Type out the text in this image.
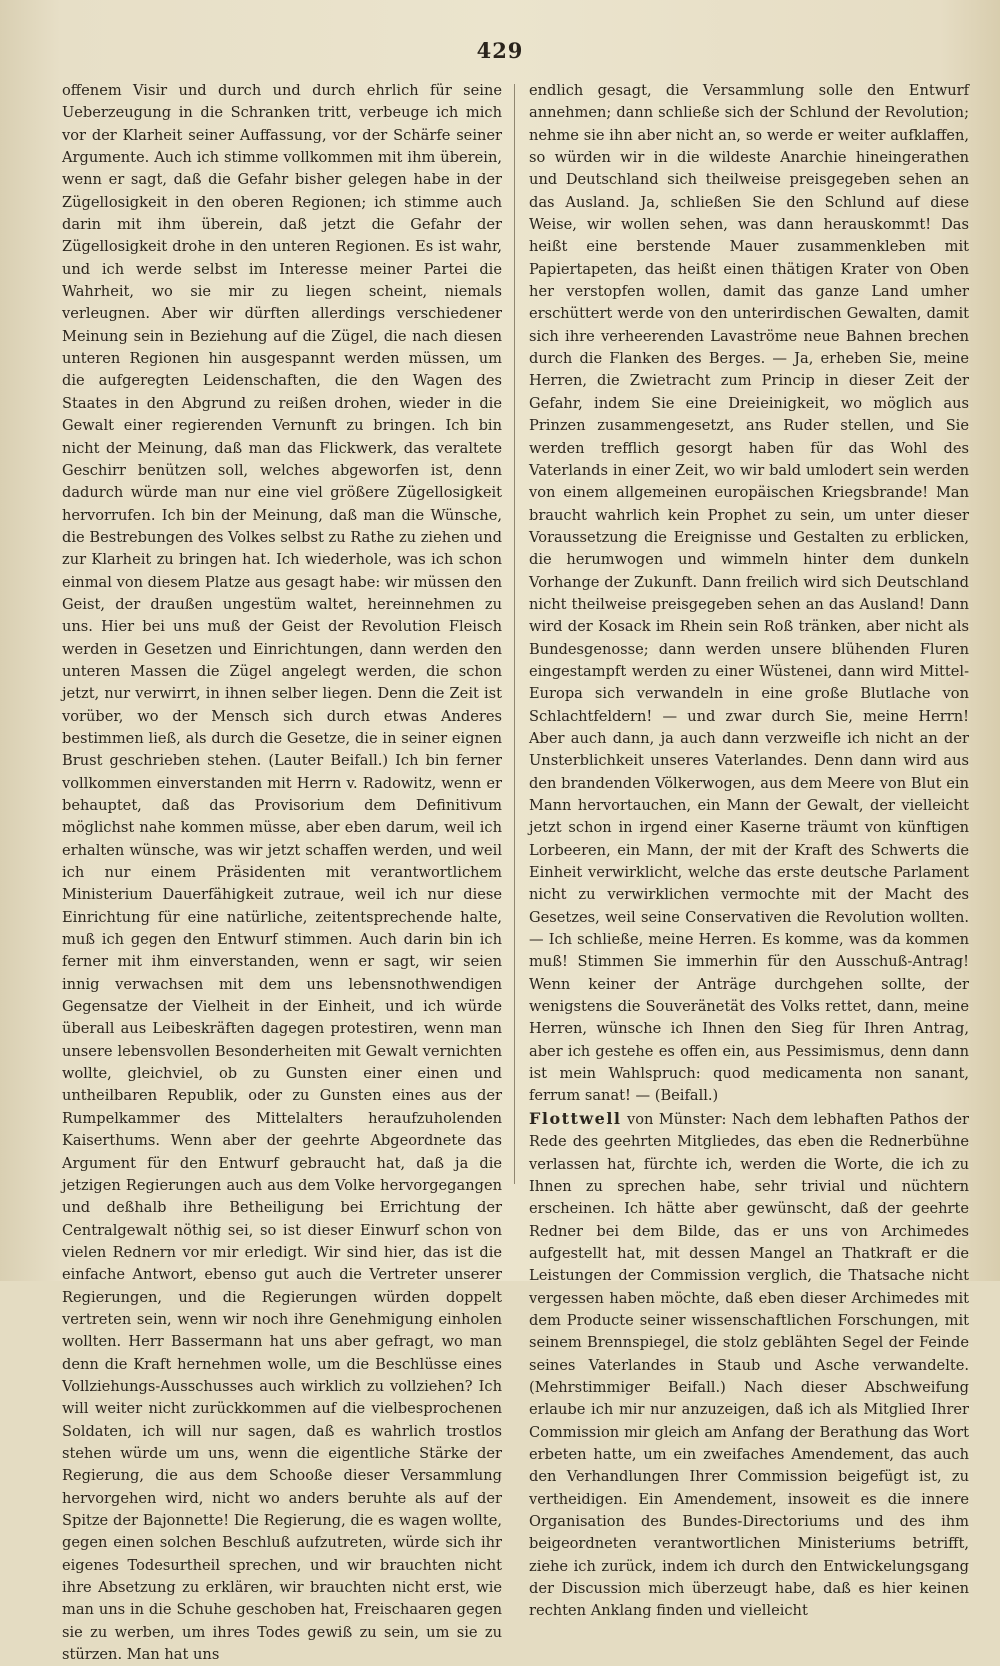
429

offenem Visir und durch und durch ehrlich für seine Ueberzeugung in die Schranken tritt, verbeuge ich mich vor der Klarheit seiner Auffassung, vor der Schärfe seiner Argumente. Auch ich stimme vollkommen mit ihm überein, wenn er sagt, daß die Gefahr bisher gelegen habe in der Zügellosigkeit in den oberen Regionen; ich stimme auch darin mit ihm überein, daß jetzt die Gefahr der Zügellosigkeit drohe in den unteren Regionen. Es ist wahr, und ich werde selbst im Interesse meiner Partei die Wahrheit, wo sie mir zu liegen scheint, niemals verleugnen. Aber wir dürften allerdings verschiedener Meinung sein in Beziehung auf die Zügel, die nach diesen unteren Regionen hin ausgespannt werden müssen, um die aufgeregten Leidenschaften, die den Wagen des Staates in den Abgrund zu reißen drohen, wieder in die Gewalt einer regierenden Vernunft zu bringen. Ich bin nicht der Meinung, daß man das Flickwerk, das veraltete Geschirr benützen soll, welches abgeworfen ist, denn dadurch würde man nur eine viel größere Zügellosigkeit hervorrufen. Ich bin der Meinung, daß man die Wünsche, die Bestrebungen des Volkes selbst zu Rathe zu ziehen und zur Klarheit zu bringen hat. Ich wiederhole, was ich schon einmal von diesem Platze aus gesagt habe: wir müssen den Geist, der draußen ungestüm waltet, hereinnehmen zu uns. Hier bei uns muß der Geist der Revolution Fleisch werden in Gesetzen und Einrichtungen, dann werden den unteren Massen die Zügel angelegt werden, die schon jetzt, nur verwirrt, in ihnen selber liegen. Denn die Zeit ist vorüber, wo der Mensch sich durch etwas Anderes bestimmen ließ, als durch die Gesetze, die in seiner eignen Brust geschrieben stehen. (Lauter Beifall.) Ich bin ferner vollkommen einverstanden mit Herrn v. Radowitz, wenn er behauptet, daß das Provisorium dem Definitivum möglichst nahe kommen müsse, aber eben darum, weil ich erhalten wünsche, was wir jetzt schaffen werden, und weil ich nur einem Präsidenten mit verantwortlichem Ministerium Dauerfähigkeit zutraue, weil ich nur diese Einrichtung für eine natürliche, zeitentsprechende halte, muß ich gegen den Entwurf stimmen. Auch darin bin ich ferner mit ihm einverstanden, wenn er sagt, wir seien innig verwachsen mit dem uns lebensnothwendigen Gegensatze der Vielheit in der Einheit, und ich würde überall aus Leibeskräften dagegen protestiren, wenn man unsere lebensvollen Besonderheiten mit Gewalt vernichten wollte, gleichviel, ob zu Gunsten einer einen und untheilbaren Republik, oder zu Gunsten eines aus der Rumpelkammer des Mittelalters heraufzuholenden Kaiserthums. Wenn aber der geehrte Abgeordnete das Argument für den Entwurf gebraucht hat, daß ja die jetzigen Regierungen auch aus dem Volke hervorgegangen und deßhalb ihre Betheiligung bei Errichtung der Centralgewalt nöthig sei, so ist dieser Einwurf schon von vielen Rednern vor mir erledigt. Wir sind hier, das ist die einfache Antwort, ebenso gut auch die Vertreter unserer Regierungen, und die Regierungen würden doppelt vertreten sein, wenn wir noch ihre Genehmigung einholen wollten. Herr Bassermann hat uns aber gefragt, wo man denn die Kraft hernehmen wolle, um die Beschlüsse eines Vollziehungs-Ausschusses auch wirklich zu vollziehen? Ich will weiter nicht zurückkommen auf die vielbesprochenen Soldaten, ich will nur sagen, daß es wahrlich trostlos stehen würde um uns, wenn die eigentliche Stärke der Regierung, die aus dem Schooße dieser Versammlung hervorgehen wird, nicht wo anders beruhte als auf der Spitze der Bajonnette! Die Regierung, die es wagen wollte, gegen einen solchen Beschluß aufzutreten, würde sich ihr eigenes Todesurtheil sprechen, und wir brauchten nicht ihre Absetzung zu erklären, wir brauchten nicht erst, wie man uns in die Schuhe geschoben hat, Freischaaren gegen sie zu werben, um ihres Todes gewiß zu sein, um sie zu stürzen. Man hat uns

endlich gesagt, die Versammlung solle den Entwurf annehmen; dann schließe sich der Schlund der Revolution; nehme sie ihn aber nicht an, so werde er weiter aufklaffen, so würden wir in die wildeste Anarchie hineingerathen und Deutschland sich theilweise preisgegeben sehen an das Ausland. Ja, schließen Sie den Schlund auf diese Weise, wir wollen sehen, was dann herauskommt! Das heißt eine berstende Mauer zusammenkleben mit Papiertapeten, das heißt einen thätigen Krater von Oben her verstopfen wollen, damit das ganze Land umher erschüttert werde von den unterirdischen Gewalten, damit sich ihre verheerenden Lavaströme neue Bahnen brechen durch die Flanken des Berges. — Ja, erheben Sie, meine Herren, die Zwietracht zum Princip in dieser Zeit der Gefahr, indem Sie eine Dreieinigkeit, wo möglich aus Prinzen zusammengesetzt, ans Ruder stellen, und Sie werden trefflich gesorgt haben für das Wohl des Vaterlands in einer Zeit, wo wir bald umlodert sein werden von einem allgemeinen europäischen Kriegsbrande! Man braucht wahrlich kein Prophet zu sein, um unter dieser Voraussetzung die Ereignisse und Gestalten zu erblicken, die herumwogen und wimmeln hinter dem dunkeln Vorhange der Zukunft. Dann freilich wird sich Deutschland nicht theilweise preisgegeben sehen an das Ausland! Dann wird der Kosack im Rhein sein Roß tränken, aber nicht als Bundesgenosse; dann werden unsere blühenden Fluren eingestampft werden zu einer Wüstenei, dann wird Mittel-Europa sich verwandeln in eine große Blutlache von Schlachtfeldern! — und zwar durch Sie, meine Herrn! Aber auch dann, ja auch dann verzweifle ich nicht an der Unsterblichkeit unseres Vaterlandes. Denn dann wird aus den brandenden Völkerwogen, aus dem Meere von Blut ein Mann hervortauchen, ein Mann der Gewalt, der vielleicht jetzt schon in irgend einer Kaserne träumt von künftigen Lorbeeren, ein Mann, der mit der Kraft des Schwerts die Einheit verwirklicht, welche das erste deutsche Parlament nicht zu verwirklichen vermochte mit der Macht des Gesetzes, weil seine Conservativen die Revolution wollten. — Ich schließe, meine Herren. Es komme, was da kommen muß! Stimmen Sie immerhin für den Ausschuß-Antrag! Wenn keiner der Anträge durchgehen sollte, der wenigstens die Souveränetät des Volks rettet, dann, meine Herren, wünsche ich Ihnen den Sieg für Ihren Antrag, aber ich gestehe es offen ein, aus Pessimismus, denn dann ist mein Wahlspruch: quod medicamenta non sanant, ferrum sanat! — (Beifall.)

Flottwell von Münster: Nach dem lebhaften Pathos der Rede des geehrten Mitgliedes, das eben die Rednerbühne verlassen hat, fürchte ich, werden die Worte, die ich zu Ihnen zu sprechen habe, sehr trivial und nüchtern erscheinen. Ich hätte aber gewünscht, daß der geehrte Redner bei dem Bilde, das er uns von Archimedes aufgestellt hat, mit dessen Mangel an Thatkraft er die Leistungen der Commission verglich, die Thatsache nicht vergessen haben möchte, daß eben dieser Archimedes mit dem Producte seiner wissenschaftlichen Forschungen, mit seinem Brennspiegel, die stolz geblähten Segel der Feinde seines Vaterlandes in Staub und Asche verwandelte. (Mehrstimmiger Beifall.) Nach dieser Abschweifung erlaube ich mir nur anzuzeigen, daß ich als Mitglied Ihrer Commission mir gleich am Anfang der Berathung das Wort erbeten hatte, um ein zweifaches Amendement, das auch den Verhandlungen Ihrer Commission beigefügt ist, zu vertheidigen. Ein Amendement, insoweit es die innere Organisation des Bundes-Directoriums und des ihm beigeordneten verantwortlichen Ministeriums betrifft, ziehe ich zurück, indem ich durch den Entwickelungsgang der Discussion mich überzeugt habe, daß es hier keinen rechten Anklang finden und vielleicht
